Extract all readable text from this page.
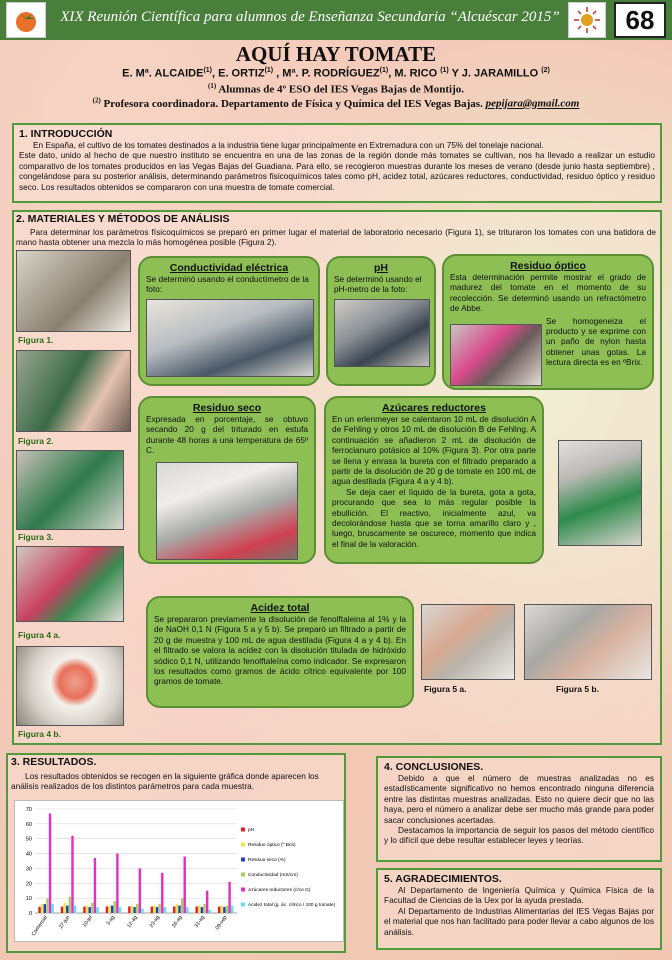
XIX Reunión Científica para alumnos de Enseñanza Secundaria “Alcuéscar 2015”	68
AQUÍ HAY TOMATE
E. Mª. ALCAIDE$^{(1)}$, E. ORTIZ$^{(1)}$ , Mª. P. RODRÍGUEZ$^{(1)}$, M. RICO $^{(1)}$ Y J. JARAMILLO $^{(2)}$
$^{(1)}$ Alumnas de 4º ESO del IES Vegas Bajas de Montijo.
$^{(2)}$ Profesora coordinadora. Departamento de Física y Química del IES Vegas Bajas. pepijara@gmail.com
1. INTRODUCCIÓN
En España, el cultivo de los tomates destinados a la industria tiene lugar principalmente en Extremadura con un 75% del tonelaje nacional.
Este dato, unido al hecho de que nuestro instituto se encuentra en una de las zonas de la región donde más tomates se cultivan, nos ha llevado a realizar un estudio comparativo de los tomates producidos en las Vegas Bajas del Guadiana. Para ello, se recogieron muestras durante los meses de verano (desde junio hasta septiembre) , congelándose para su posterior análisis, determinando parámetros fisicoquímicos tales como pH, acidez total, azúcares reductores, conductividad, residuo óptico y residuo seco. Los resultados obtenidos se compararon con una muestra de tomate comercial.
2. MATERIALES Y MÉTODOS DE ANÁLISIS
Para determinar los parámetros físicoquímicos se preparó en primer lugar el material de laboratorio necesario (Figura 1), se trituraron los tomates con una batidora de mano hasta obtener una mezcla lo más homogénea posible (Figura 2).
Figura 1.
Figura 2.
Figura 3.
Figura 4 a.
Figura 4 b.
Conductividad eléctrica
Se determinó usando el conductímetro de la foto:
pH
Se determinó usando el pH-metro de la foto:
Residuo óptico
Esta determinación permite mostrar el grado de madurez del tomate en el momento de su recolección. Se determinó usando un refractómetro de Abbe.
Se homogeneiza el producto y se exprime con un paño de nylon hasta obtener unas gotas. La lectura directa es en ºBrix.
Residuo seco
Expresada en porcentaje, se obtuvo secando 20 g del triturado en estufa durante 48 horas a una temperatura de 65º C.
Azúcares reductores
En un erlenmeyer se calentaron 10 mL de disolución A de Fehling y otros 10 mL de disolución B de Fehling. A continuación se añadieron 2 mL de disolución de ferrocianuro potásico al 10% (Figura 3). Por otra parte se llena y enrasa la bureta con el filtrado preparado a partir de la disolución de 20 g de tomate en 100 mL de agua destilada (Figura 4 a y 4 b).
Se deja caer el líquido de la bureta, gota a gota, procurando que sea lo más regular posible la ebullición. El reactivo, inicialmente azul, va decolorándose hasta que se torna amarillo claro y , luego, bruscamente se oscurece, momento que indica el final de la valoración.
Acidez total
Se prepararon previamente la disolución de fenolftaleina al 1% y la de NaOH 0,1 N (Figura 5 a y 5 b). Se preparó un filtrado a partir de 20 g de muestra y 100 mL de agua destilada (Figura 4 a y 4 b). En el filtrado se valora la acidez con la disolución titulada de hidróxido sódico 0,1 N, utilizando fenolftaleína como indicador. Se expresaron los resultados como gramos de ácido cítrico equivalente por 100 gramos de tomate.
Figura 5 a.	Figura 5 b.
3. RESULTADOS.
Los resultados obtenidos se recogen en la siguiente gráfica donde aparecen los análisis realizados de los distintos parámetros para cada muestra.
0
10
20
30
40
50
60
70
Comercial 27-jun 10-jul 3-ag 12-ag 23-ag 26-ag 31-ag 09-sep
pH
Residuo óptico (º Brix)
Resisuo seco (%)
Conductividad (mS/cm)
Azúcares reductores (c/co G)
Acidez total (g. ác. cítrico / 100 g tomate)
4. CONCLUSIONES.
Debido a que el número de muestras analizadas no es estadísticamente significativo no hemos encontrado ninguna diferencia entre las distintas muestras analizadas. Esto no quiere decir que no las haya, pero el número a analizar debe ser mucho más grande para poder sacar conclusiones acertadas.
Destacamos la importancia de seguir los pasos del método científico y lo difícil que debe resultar establecer leyes y teorías.
5. AGRADECIMIENTOS.
Al Departamento de Ingeniería Química y Química Física de la Facultad de Ciencias de la Uex por la ayuda prestada.
Al Departamento de Industrias Alimentarias del IES Vegas Bajas por el material que nos han facilitado para poder llevar a cabo algunos de los análisis.
